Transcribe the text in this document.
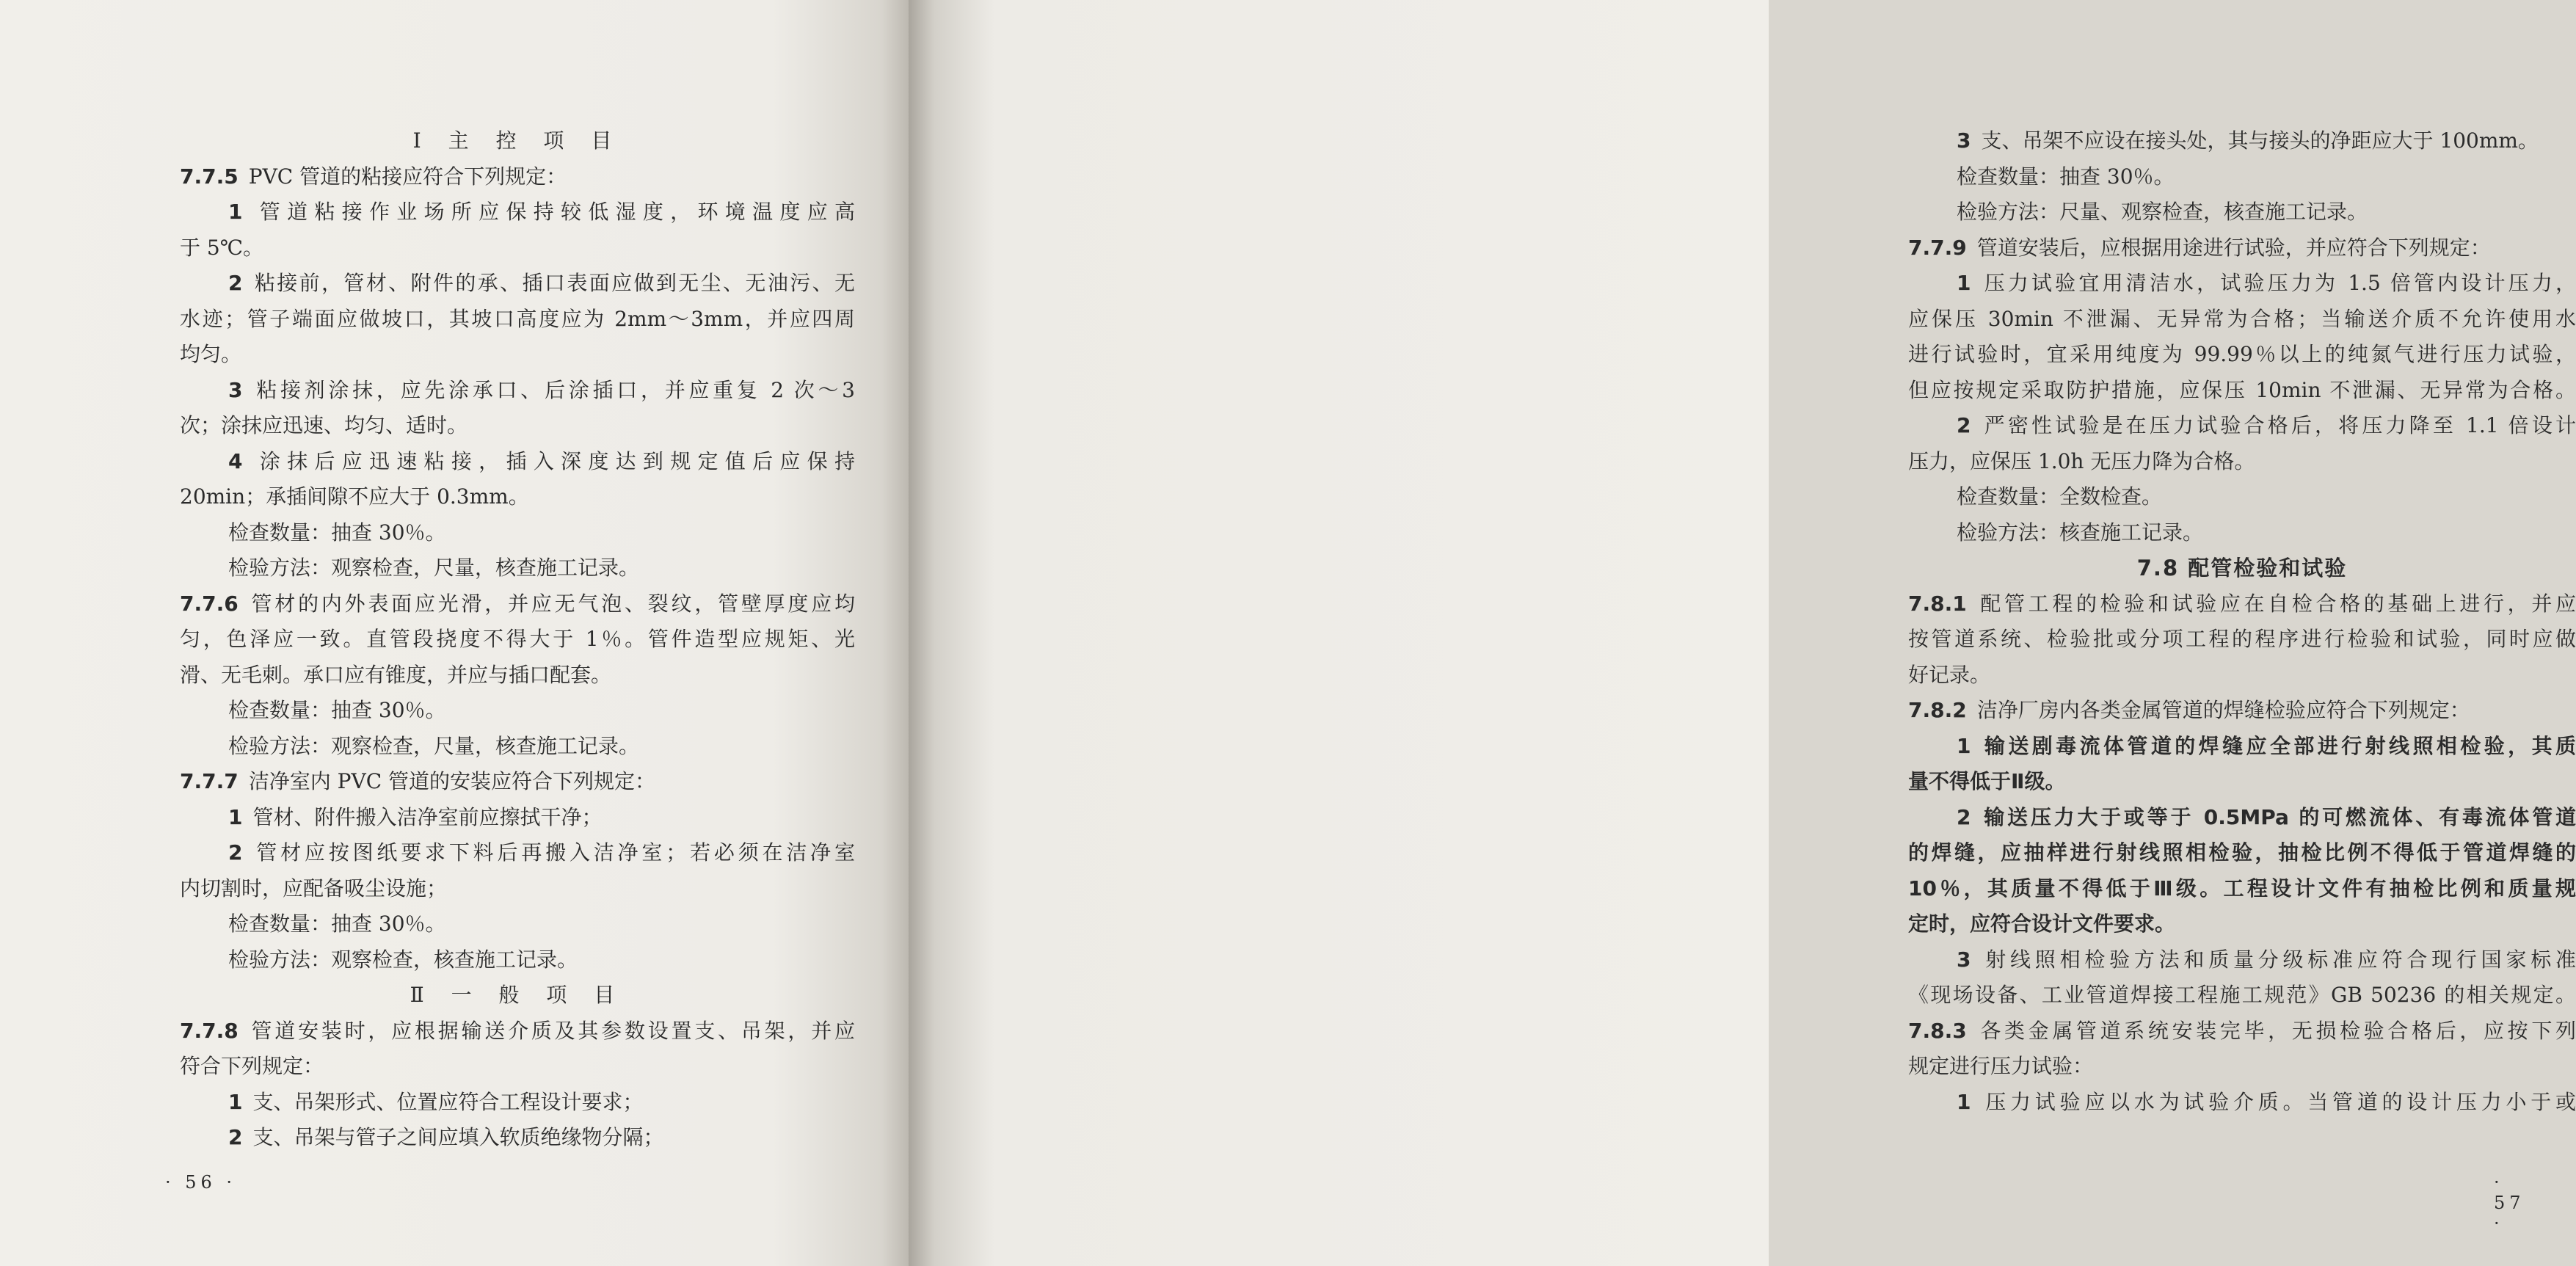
Ⅰ 主 控 项 目
7.7.5 PVC 管道的粘接应符合下列规定：
1 管道粘接作业场所应保持较低湿度，环境温度应高
于 5℃。
2 粘接前，管材、附件的承、插口表面应做到无尘、无油污、无
水迹；管子端面应做坡口，其坡口高度应为 2mm～3mm，并应四周
均匀。
3 粘接剂涂抹，应先涂承口、后涂插口，并应重复 2 次～3
次；涂抹应迅速、均匀、适时。
4 涂抹后应迅速粘接，插入深度达到规定值后应保持
20min；承插间隙不应大于 0.3mm。
检查数量：抽查 30％。
检验方法：观察检查，尺量，核查施工记录。
7.7.6 管材的内外表面应光滑，并应无气泡、裂纹，管壁厚度应均
匀，色泽应一致。直管段挠度不得大于 1％。管件造型应规矩、光
滑、无毛刺。承口应有锥度，并应与插口配套。
检查数量：抽查 30％。
检验方法：观察检查，尺量，核查施工记录。
7.7.7 洁净室内 PVC 管道的安装应符合下列规定：
1 管材、附件搬入洁净室前应擦拭干净；
2 管材应按图纸要求下料后再搬入洁净室；若必须在洁净室
内切割时，应配备吸尘设施；
检查数量：抽查 30％。
检验方法：观察检查，核查施工记录。
Ⅱ 一 般 项 目
7.7.8 管道安装时，应根据输送介质及其参数设置支、吊架，并应
符合下列规定：
1 支、吊架形式、位置应符合工程设计要求；
2 支、吊架与管子之间应填入软质绝缘物分隔；
· 56 ·
3 支、吊架不应设在接头处，其与接头的净距应大于 100mm。
检查数量：抽查 30％。
检验方法：尺量、观察检查，核查施工记录。
7.7.9 管道安装后，应根据用途进行试验，并应符合下列规定：
1 压力试验宜用清洁水，试验压力为 1.5 倍管内设计压力，
应保压 30min 不泄漏、无异常为合格；当输送介质不允许使用水
进行试验时，宜采用纯度为 99.99％以上的纯氮气进行压力试验，
但应按规定采取防护措施，应保压 10min 不泄漏、无异常为合格。
2 严密性试验是在压力试验合格后，将压力降至 1.1 倍设计
压力，应保压 1.0h 无压力降为合格。
检查数量：全数检查。
检验方法：核查施工记录。
7.8 配管检验和试验
7.8.1 配管工程的检验和试验应在自检合格的基础上进行，并应
按管道系统、检验批或分项工程的程序进行检验和试验，同时应做
好记录。
7.8.2 洁净厂房内各类金属管道的焊缝检验应符合下列规定：
1 输送剧毒流体管道的焊缝应全部进行射线照相检验，其质
量不得低于Ⅱ级。
2 输送压力大于或等于 0.5MPa 的可燃流体、有毒流体管道
的焊缝，应抽样进行射线照相检验，抽检比例不得低于管道焊缝的
10％，其质量不得低于Ⅲ级。工程设计文件有抽检比例和质量规
定时，应符合设计文件要求。
3 射线照相检验方法和质量分级标准应符合现行国家标准
《现场设备、工业管道焊接工程施工规范》GB 50236 的相关规定。
7.8.3 各类金属管道系统安装完毕，无损检验合格后，应按下列
规定进行压力试验：
1 压力试验应以水为试验介质。当管道的设计压力小于或
· 57 ·
